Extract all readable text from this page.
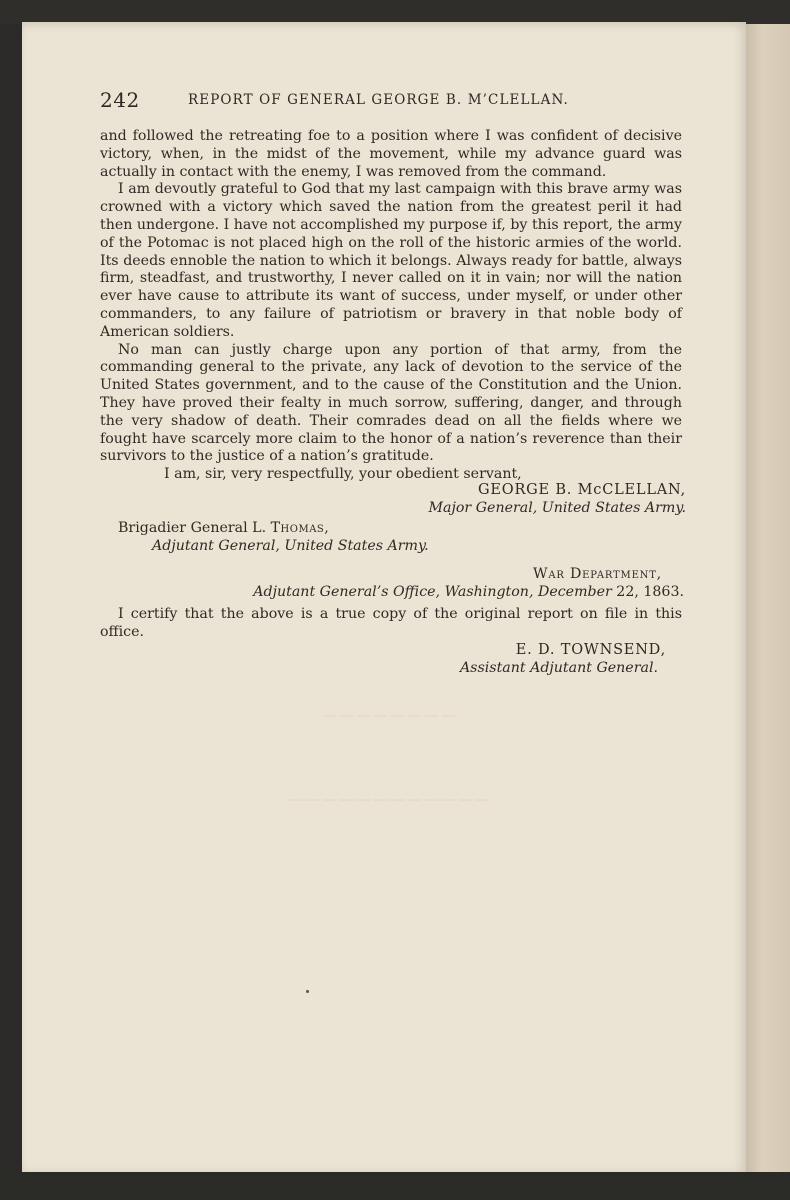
242	REPORT OF GENERAL GEORGE B. M’CLELLAN.

and followed the retreating foe to a position where I was confident of decisive victory, when, in the midst of the movement, while my advance guard was actually in contact with the enemy, I was removed from the command.

I am devoutly grateful to God that my last campaign with this brave army was crowned with a victory which saved the nation from the greatest peril it had then undergone. I have not accomplished my purpose if, by this report, the army of the Potomac is not placed high on the roll of the historic armies of the world. Its deeds ennoble the nation to which it belongs. Always ready for battle, always firm, steadfast, and trustworthy, I never called on it in vain; nor will the nation ever have cause to attribute its want of success, under myself, or under other commanders, to any failure of patriotism or bravery in that noble body of American soldiers.

No man can justly charge upon any portion of that army, from the commanding general to the private, any lack of devotion to the service of the United States government, and to the cause of the Constitution and the Union. They have proved their fealty in much sorrow, suffering, danger, and through the very shadow of death. Their comrades dead on all the fields where we fought have scarcely more claim to the honor of a nation’s reverence than their survivors to the justice of a nation’s gratitude.

I am, sir, very respectfully, your obedient servant,
GEORGE B. McCLELLAN,
Major General, United States Army.
Brigadier General L. Thomas,
Adjutant General, United States Army.
War Department,
Adjutant General’s Office, Washington, December 22, 1863.

I certify that the above is a true copy of the original report on file in this office.

E. D. TOWNSEND,
Assistant Adjutant General.
————————————
————————
